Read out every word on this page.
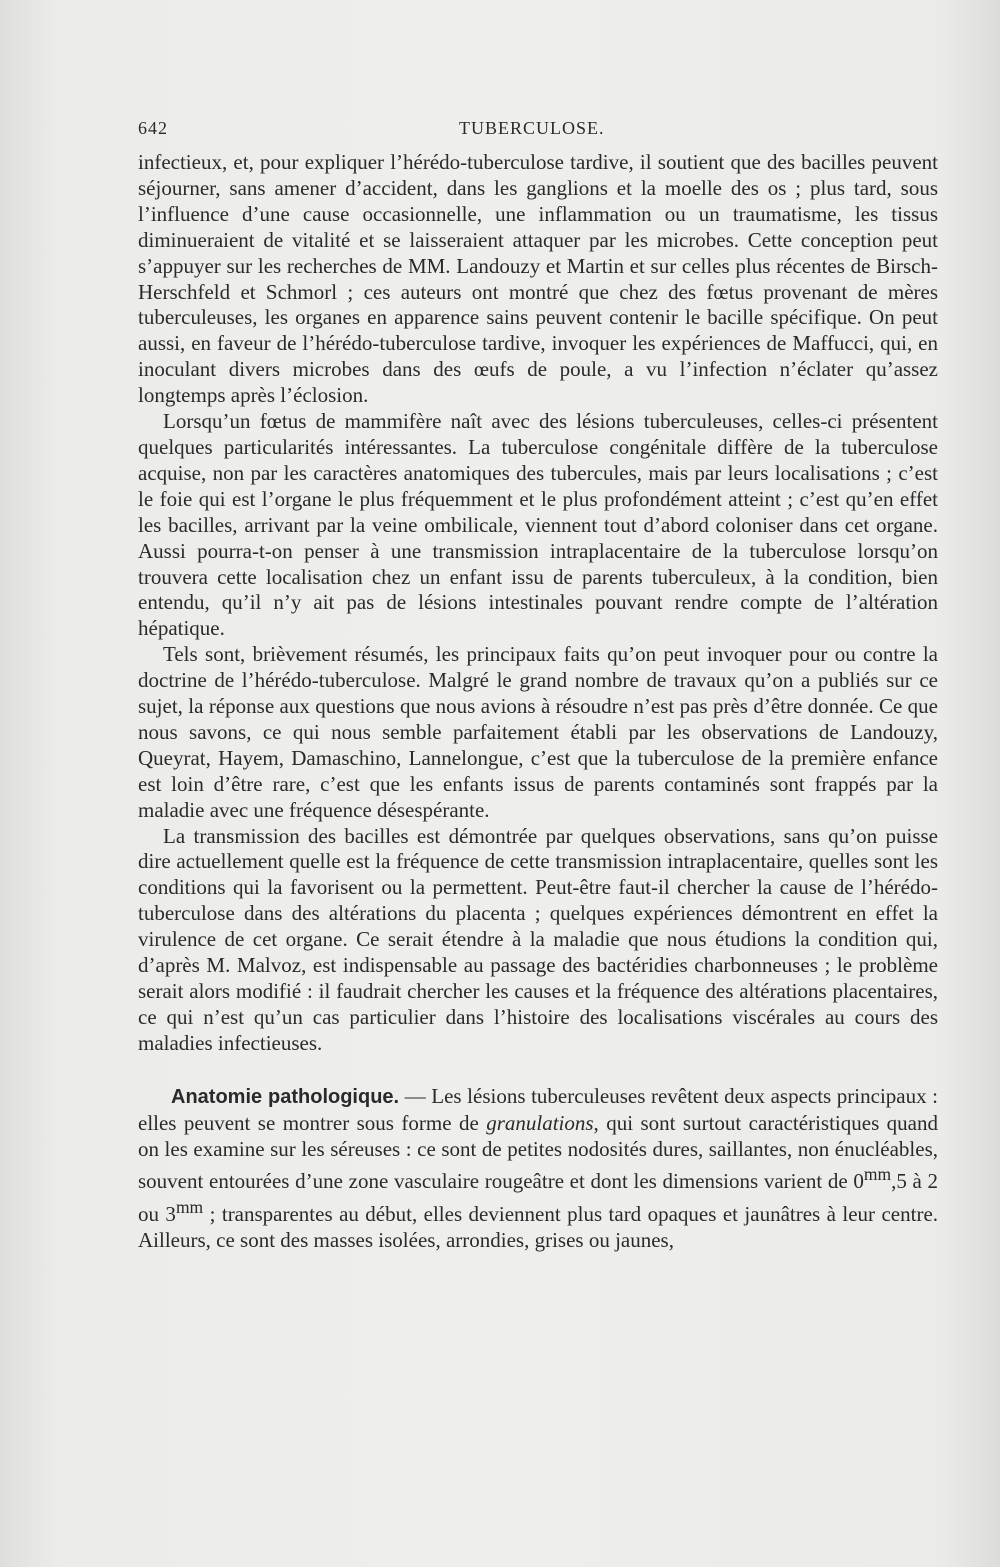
642	TUBERCULOSE.

infectieux, et, pour expliquer l’hérédo-tuberculose tardive, il soutient que des bacilles peuvent séjourner, sans amener d’accident, dans les ganglions et la moelle des os ; plus tard, sous l’influence d’une cause occasionnelle, une inflammation ou un traumatisme, les tissus diminueraient de vitalité et se laisseraient attaquer par les microbes. Cette conception peut s’appuyer sur les recherches de MM. Landouzy et Martin et sur celles plus récentes de Birsch-Herschfeld et Schmorl ; ces auteurs ont montré que chez des fœtus provenant de mères tuberculeuses, les organes en apparence sains peuvent contenir le bacille spécifique. On peut aussi, en faveur de l’hérédo-tuberculose tardive, invoquer les expériences de Maffucci, qui, en inoculant divers microbes dans des œufs de poule, a vu l’infection n’éclater qu’assez longtemps après l’éclosion.

Lorsqu’un fœtus de mammifère naît avec des lésions tuberculeuses, celles-ci présentent quelques particularités intéressantes. La tuberculose congénitale diffère de la tuberculose acquise, non par les caractères anatomiques des tubercules, mais par leurs localisations ; c’est le foie qui est l’organe le plus fréquemment et le plus profondément atteint ; c’est qu’en effet les bacilles, arrivant par la veine ombilicale, viennent tout d’abord coloniser dans cet organe. Aussi pourra-t-on penser à une transmission intraplacentaire de la tuberculose lorsqu’on trouvera cette localisation chez un enfant issu de parents tuberculeux, à la condition, bien entendu, qu’il n’y ait pas de lésions intestinales pouvant rendre compte de l’altération hépatique.

Tels sont, brièvement résumés, les principaux faits qu’on peut invoquer pour ou contre la doctrine de l’hérédo-tuberculose. Malgré le grand nombre de travaux qu’on a publiés sur ce sujet, la réponse aux questions que nous avions à résoudre n’est pas près d’être donnée. Ce que nous savons, ce qui nous semble parfaitement établi par les observations de Landouzy, Queyrat, Hayem, Damaschino, Lannelongue, c’est que la tuberculose de la première enfance est loin d’être rare, c’est que les enfants issus de parents contaminés sont frappés par la maladie avec une fréquence désespérante.

La transmission des bacilles est démontrée par quelques observations, sans qu’on puisse dire actuellement quelle est la fréquence de cette transmission intraplacentaire, quelles sont les conditions qui la favorisent ou la permettent. Peut-être faut-il chercher la cause de l’hérédo-tuberculose dans des altérations du placenta ; quelques expériences démontrent en effet la virulence de cet organe. Ce serait étendre à la maladie que nous étudions la condition qui, d’après M. Malvoz, est indispensable au passage des bactéridies charbonneuses ; le problème serait alors modifié : il faudrait chercher les causes et la fréquence des altérations placentaires, ce qui n’est qu’un cas particulier dans l’histoire des localisations viscérales au cours des maladies infectieuses.

Anatomie pathologique. — Les lésions tuberculeuses revêtent deux aspects principaux : elles peuvent se montrer sous forme de granulations, qui sont surtout caractéristiques quand on les examine sur les séreuses : ce sont de petites nodosités dures, saillantes, non énucléables, souvent entourées d’une zone vasculaire rougeâtre et dont les dimensions varient de $0^{mm},5$ à 2 ou $3^{mm}$ ; transparentes au début, elles deviennent plus tard opaques et jaunâtres à leur centre. Ailleurs, ce sont des masses isolées, arrondies, grises ou jaunes,
